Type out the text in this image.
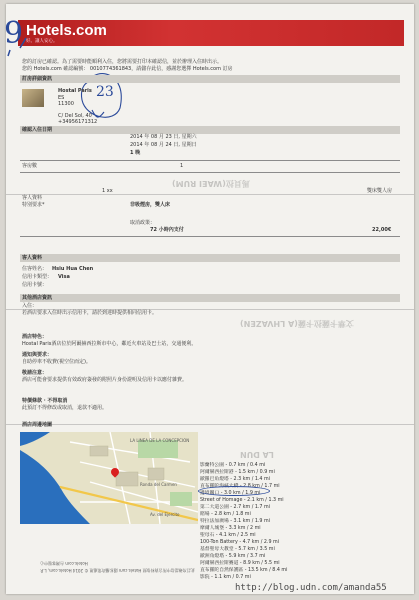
Hotels.com
好。讓人安心。
9
您的訂房已確認。為了需要時能順利入住，您將需要打印本確認信，並於辦理入住時出示。
您的 Hotels.com 確認編號： 0010774361843，請儲存此信，感謝您選擇 Hotels.com 訂房
訂房詳細資訊
Hostal Paris
ES
11300
C/ Del Sol, 40
+34956171312
23
確認入住日期
2014 年 08 月 23 日, 星期六
2014 年 08 月 24 日, 星期日
1 晚
客房數	1
1 xx	雙床雙人房
馬貝拉(WAEI RUM)
客人資料
特別要求*	非吸煙房，雙人床
取消政策：
72 小時內支付	22,00€
客人資料
住客姓名： Hsiu Hua Chen
信用卡類型： Visa
信用卡號：
其他酒店資訊
入住：
若酒店要求入住時出示信用卡，請於到達時提供相同信用卡。
文華卡薩拉卡薩(A LHVAZEN)
酒店特色：
Hostal Paris酒店位於阿爾赫西拉斯市中心，鄰近火車站及巴士站，交通便利。
通知與要求：
自助停車不收費(視空位而定)。
敬請注意：
酒店可能會要求提供有效政府簽發的附照片身份證明及信用卡以應付雜費。
特價條款 · 不得取消
此預訂不得修改或取消，退款不適用。
酒店周邊地圖
LA LINEA DE LA CONCEPCION
Av. del Ejercito
Ronda del Carmen
LA DUN
影蘭特公園 - 0.7 km / 0.4 mi
阿爾赫西拉斯港 - 1.5 km / 0.9 mi
歐羅巴角燈塔 - 2.3 km / 1.4 mi
直布羅陀海峽大橋 - 2.8 km / 1.7 mi
邊境關口 - 3.0 km / 1.9 mi
Street of Homage - 2.1 km / 1.3 mi
第二大道公園 - 2.7 km / 1.7 mi
賭場 - 2.8 km / 1.8 mi
特拉法加廣場 - 3.1 km / 1.9 mi
摩爾人城堡 - 3.3 km / 2 mi
聖母石 - 4.1 km / 2.5 mi
100-Ton Battery - 4.7 km / 2.9 mi
基督聖母大教堂 - 5.7 km / 3.5 mi
歐洲角燈塔 - 5.9 km / 3.7 mi
阿爾赫西拉斯賽道 - 8.9 km / 5.5 mi
直布羅陀自然保護區 - 13.5 km / 8.4 mi
影院 - 1.1 km / 0.7 mi
Hotels.com 台灣客服中心
此訂房確認信中所含資料依照 Hotels.com 隱私權政策處理 © 2014 Hotels.com, L.P.
http://blog.udn.com/amanda55
